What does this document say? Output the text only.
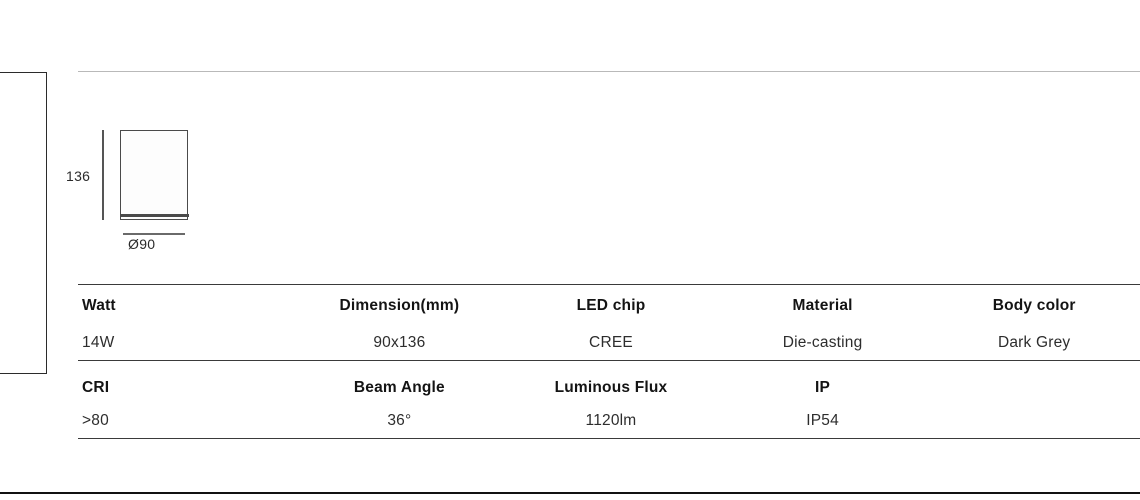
136
Ø90
Watt	Dimension(mm)	LED chip	Material	Body color
14W	90x136	CREE	Die-casting	Dark Grey
CRI	Beam Angle	Luminous Flux	IP
>80	36°	1120lm	IP54
